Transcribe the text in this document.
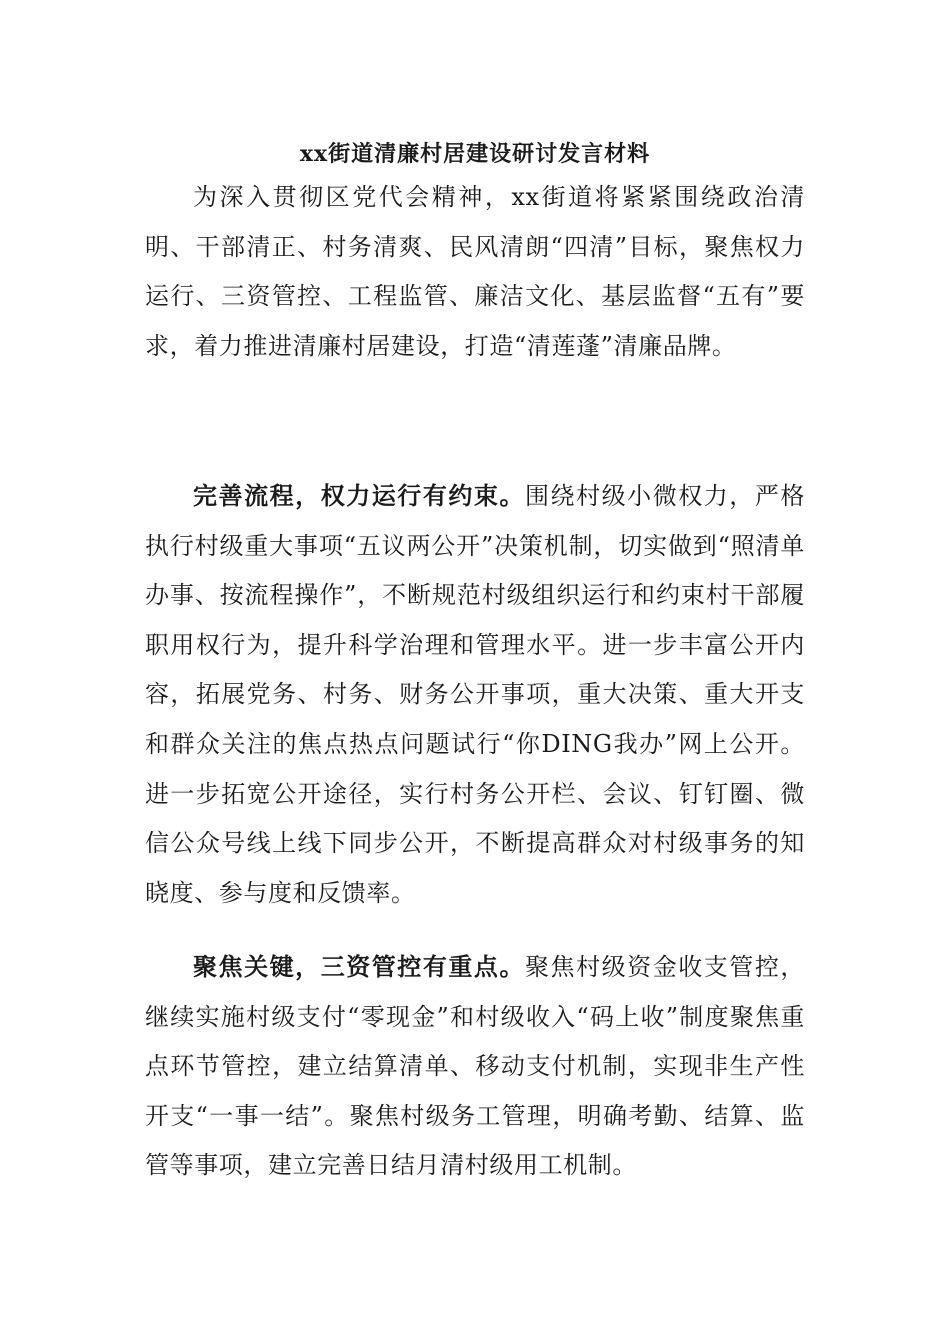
xx街道清廉村居建设研讨发言材料

为深入贯彻区党代会精神，xx街道将紧紧围绕政治清明、干部清正、村务清爽、民风清朗“四清”目标，聚焦权力运行、三资管控、工程监管、廉洁文化、基层监督“五有”要求，着力推进清廉村居建设，打造“清莲蓬”清廉品牌。

完善流程，权力运行有约束。围绕村级小微权力，严格执行村级重大事项“五议两公开”决策机制，切实做到“照清单办事、按流程操作”，不断规范村级组织运行和约束村干部履职用权行为，提升科学治理和管理水平。进一步丰富公开内容，拓展党务、村务、财务公开事项，重大决策、重大开支和群众关注的焦点热点问题试行“你DING我办”网上公开。进一步拓宽公开途径，实行村务公开栏、会议、钉钉圈、微信公众号线上线下同步公开，不断提高群众对村级事务的知晓度、参与度和反馈率。

聚焦关键，三资管控有重点。聚焦村级资金收支管控，继续实施村级支付“零现金”和村级收入“码上收”制度聚焦重点环节管控，建立结算清单、移动支付机制，实现非生产性开支“一事一结”。聚焦村级务工管理，明确考勤、结算、监管等事项，建立完善日结月清村级用工机制。
